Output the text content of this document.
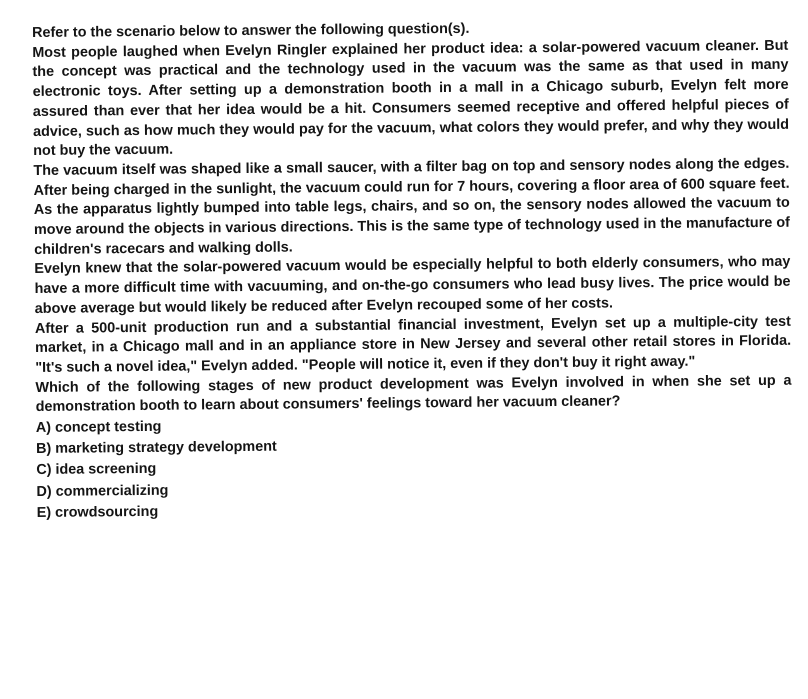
Refer to the scenario below to answer the following question(s).

Most people laughed when Evelyn Ringler explained her product idea: a solar-powered vacuum cleaner. But the concept was practical and the technology used in the vacuum was the same as that used in many electronic toys. After setting up a demonstration booth in a mall in a Chicago suburb, Evelyn felt more assured than ever that her idea would be a hit. Consumers seemed receptive and offered helpful pieces of advice, such as how much they would pay for the vacuum, what colors they would prefer, and why they would not buy the vacuum.

The vacuum itself was shaped like a small saucer, with a filter bag on top and sensory nodes along the edges. After being charged in the sunlight, the vacuum could run for 7 hours, covering a floor area of 600 square feet. As the apparatus lightly bumped into table legs, chairs, and so on, the sensory nodes allowed the vacuum to move around the objects in various directions. This is the same type of technology used in the manufacture of children's racecars and walking dolls.

Evelyn knew that the solar-powered vacuum would be especially helpful to both elderly consumers, who may have a more difficult time with vacuuming, and on-the-go consumers who lead busy lives. The price would be above average but would likely be reduced after Evelyn recouped some of her costs.

After a 500-unit production run and a substantial financial investment, Evelyn set up a multiple-city test market, in a Chicago mall and in an appliance store in New Jersey and several other retail stores in Florida. "It's such a novel idea," Evelyn added. "People will notice it, even if they don't buy it right away."

Which of the following stages of new product development was Evelyn involved in when she set up a demonstration booth to learn about consumers' feelings toward her vacuum cleaner?

A) concept testing
B) marketing strategy development
C) idea screening
D) commercializing
E) crowdsourcing
